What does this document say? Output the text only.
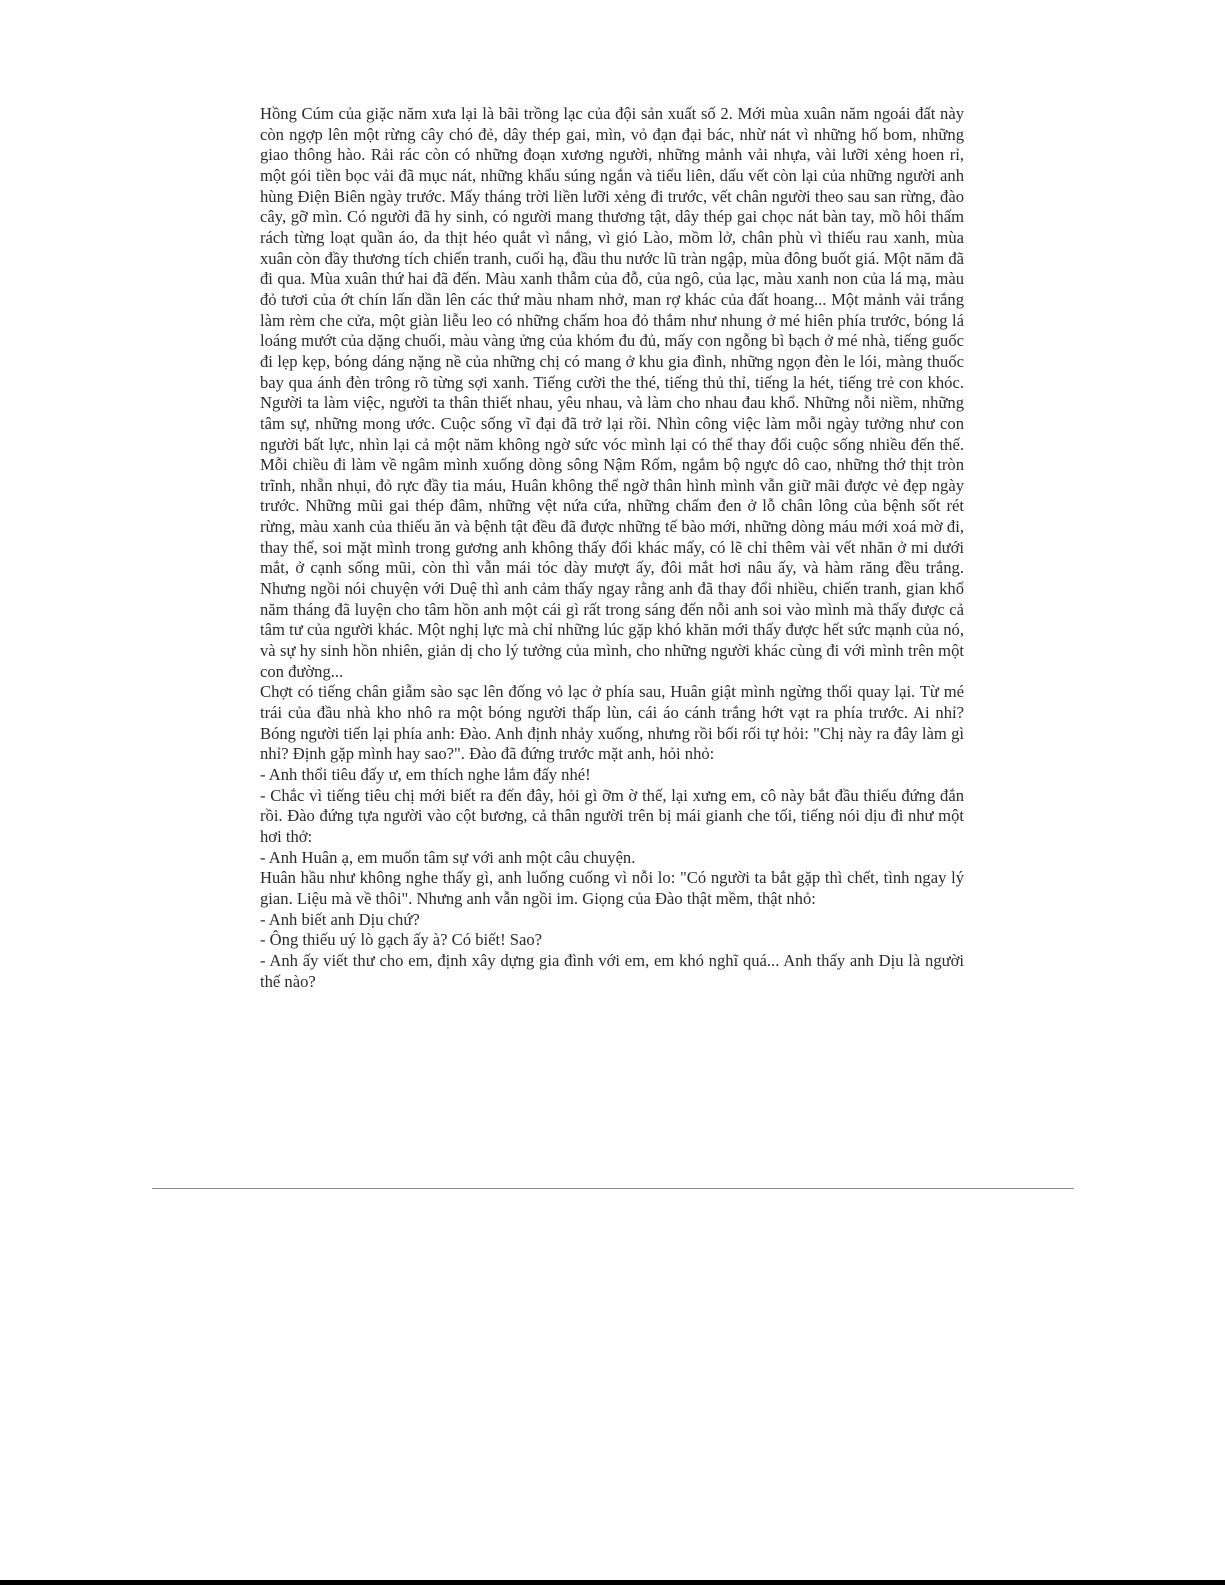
Hồng Cúm của giặc năm xưa lại là bãi trồng lạc của đội sản xuất số 2. Mới mùa xuân năm ngoái đất này còn ngợp lên một rừng cây chó đẻ, dây thép gai, mìn, vỏ đạn đại bác, nhừ nát vì những hố bom, những giao thông hào. Rải rác còn có những đoạn xương người, những mảnh vải nhựa, vài lưỡi xẻng hoen rỉ, một gói tiền bọc vải đã mục nát, những khẩu súng ngắn và tiểu liên, dấu vết còn lại của những người anh hùng Điện Biên ngày trước. Mấy tháng trời liền lưỡi xẻng đi trước, vết chân người theo sau san rừng, đào cây, gỡ mìn. Có người đã hy sinh, có người mang thương tật, dây thép gai chọc nát bàn tay, mồ hôi thấm rách từng loạt quần áo, da thịt héo quắt vì nắng, vì gió Lào, mồm lở, chân phù vì thiếu rau xanh, mùa xuân còn đầy thương tích chiến tranh, cuối hạ, đầu thu nước lũ tràn ngập, mùa đông buốt giá. Một năm đã đi qua. Mùa xuân thứ hai đã đến. Màu xanh thẫm của đỗ, của ngô, của lạc, màu xanh non của lá mạ, màu đỏ tươi của ớt chín lấn dần lên các thứ màu nham nhở, man rợ khác của đất hoang... Một mảnh vải trắng làm rèm che cửa, một giàn liễu leo có những chấm hoa đỏ thắm như nhung ở mé hiên phía trước, bóng lá loáng mướt của dặng chuối, màu vàng ửng của khóm đu đủ, mấy con ngỗng bì bạch ở mé nhà, tiếng guốc đi lẹp kẹp, bóng dáng nặng nề của những chị có mang ở khu gia đình, những ngọn đèn le lói, màng thuốc bay qua ánh đèn trông rõ từng sợi xanh. Tiếng cười the thé, tiếng thủ thỉ, tiếng la hét, tiếng trẻ con khóc. Người ta làm việc, người ta thân thiết nhau, yêu nhau, và làm cho nhau đau khổ. Những nỗi niềm, những tâm sự, những mong ước. Cuộc sống vĩ đại đã trở lại rồi. Nhìn công việc làm mỗi ngày tưởng như con người bất lực, nhìn lại cả một năm không ngờ sức vóc mình lại có thể thay đổi cuộc sống nhiều đến thế. Mỗi chiều đi làm về ngâm mình xuống dòng sông Nậm Rốm, ngắm bộ ngực dô cao, những thớ thịt tròn trĩnh, nhẵn nhụi, đỏ rực đầy tia máu, Huân không thể ngờ thân hình mình vẫn giữ mãi được vẻ đẹp ngày trước. Những mũi gai thép đâm, những vệt nứa cứa, những chấm đen ở lỗ chân lông của bệnh sốt rét rừng, màu xanh của thiếu ăn và bệnh tật đều đã được những tế bào mới, những dòng máu mới xoá mờ đi, thay thế, soi mặt mình trong gương anh không thấy đổi khác mấy, có lẽ chỉ thêm vài vết nhăn ở mi dưới mắt, ở cạnh sống mũi, còn thì vẫn mái tóc dày mượt ấy, đôi mắt hơi nâu ấy, và hàm răng đều trắng. Nhưng ngồi nói chuyện với Duệ thì anh cảm thấy ngay rằng anh đã thay đổi nhiều, chiến tranh, gian khổ năm tháng đã luyện cho tâm hồn anh một cái gì rất trong sáng đến nỗi anh soi vào mình mà thấy được cả tâm tư của người khác. Một nghị lực mà chỉ những lúc gặp khó khăn mới thấy được hết sức mạnh của nó, và sự hy sinh hồn nhiên, giản dị cho lý tưởng của mình, cho những người khác cùng đi với mình trên một con đường...

Chợt có tiếng chân giẫm sào sạc lên đống vỏ lạc ở phía sau, Huân giật mình ngừng thổi quay lại. Từ mé trái của đầu nhà kho nhô ra một bóng người thấp lùn, cái áo cánh trắng hớt vạt ra phía trước. Ai nhỉ? Bóng người tiến lại phía anh: Đào. Anh định nhảy xuống, nhưng rồi bối rối tự hỏi: "Chị này ra đây làm gì nhỉ? Định gặp mình hay sao?". Đào đã đứng trước mặt anh, hỏi nhỏ:

- Anh thổi tiêu đấy ư, em thích nghe lắm đấy nhé!

- Chắc vì tiếng tiêu chị mới biết ra đến đây, hỏi gì ỡm ờ thế, lại xưng em, cô này bắt đầu thiếu đứng đắn rồi. Đào đứng tựa người vào cột bương, cả thân người trên bị mái gianh che tối, tiếng nói dịu đi như một hơi thở:

- Anh Huân ạ, em muốn tâm sự với anh một câu chuyện.

Huân hầu như không nghe thấy gì, anh luống cuống vì nỗi lo: "Có người ta bắt gặp thì chết, tình ngay lý gian. Liệu mà về thôi". Nhưng anh vẫn ngồi im. Giọng của Đào thật mềm, thật nhỏ:

- Anh biết anh Dịu chứ?

- Ông thiếu uý lò gạch ấy à? Có biết! Sao?

- Anh ấy viết thư cho em, định xây dựng gia đình với em, em khó nghĩ quá... Anh thấy anh Dịu là người thế nào?
